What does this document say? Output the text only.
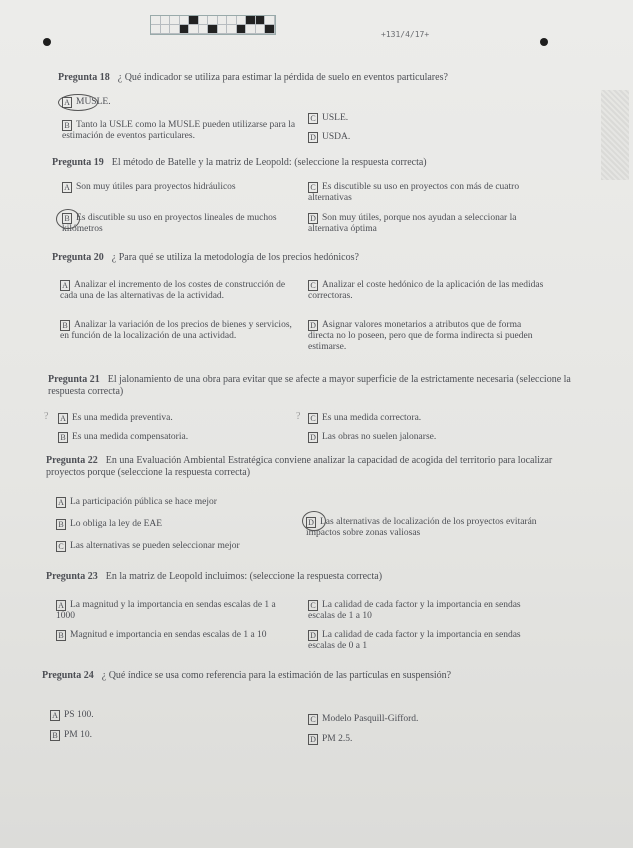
+131/4/17+
Pregunta 18 ¿ Qué indicador se utiliza para estimar la pérdida de suelo en eventos particulares?
A MUSLE.
B Tanto la USLE como la MUSLE pueden utilizarse para la estimación de eventos particulares.
C USLE.
D USDA.
Pregunta 19 El método de Batelle y la matriz de Leopold: (seleccione la respuesta correcta)
A Son muy útiles para proyectos hidráulicos
B Es discutible su uso en proyectos lineales de muchos kilómetros
C Es discutible su uso en proyectos con más de cuatro alternativas
D Son muy útiles, porque nos ayudan a seleccionar la alternativa óptima
Pregunta 20 ¿ Para qué se utiliza la metodología de los precios hedónicos?
A Analizar el incremento de los costes de construcción de cada una de las alternativas de la actividad.
B Analizar la variación de los precios de bienes y servicios, en función de la localización de una actividad.
C Analizar el coste hedónico de la aplicación de las medidas correctoras.
D Asignar valores monetarios a atributos que de forma directa no lo poseen, pero que de forma indirecta si pueden estimarse.
Pregunta 21 El jalonamiento de una obra para evitar que se afecte a mayor superficie de la estrictamente necesaria (seleccione la respuesta correcta)
? A Es una medida preventiva.
B Es una medida compensatoria.
? C Es una medida correctora.
D Las obras no suelen jalonarse.
Pregunta 22 En una Evaluación Ambiental Estratégica conviene analizar la capacidad de acogida del territorio para localizar proyectos porque (seleccione la respuesta correcta)
A La participación pública se hace mejor
B Lo obliga la ley de EAE
C Las alternativas se pueden seleccionar mejor
D Las alternativas de localización de los proyectos evitarán impactos sobre zonas valiosas
Pregunta 23 En la matriz de Leopold incluimos: (seleccione la respuesta correcta)
A La magnitud y la importancia en sendas escalas de 1 a 1000
B Magnitud e importancia en sendas escalas de 1 a 10
C La calidad de cada factor y la importancia en sendas escalas de 1 a 10
D La calidad de cada factor y la importancia en sendas escalas de 0 a 1
Pregunta 24 ¿ Qué índice se usa como referencia para la estimación de las partículas en suspensión?
A PS 100.
B PM 10.
C Modelo Pasquill-Gifford.
D PM 2.5.
